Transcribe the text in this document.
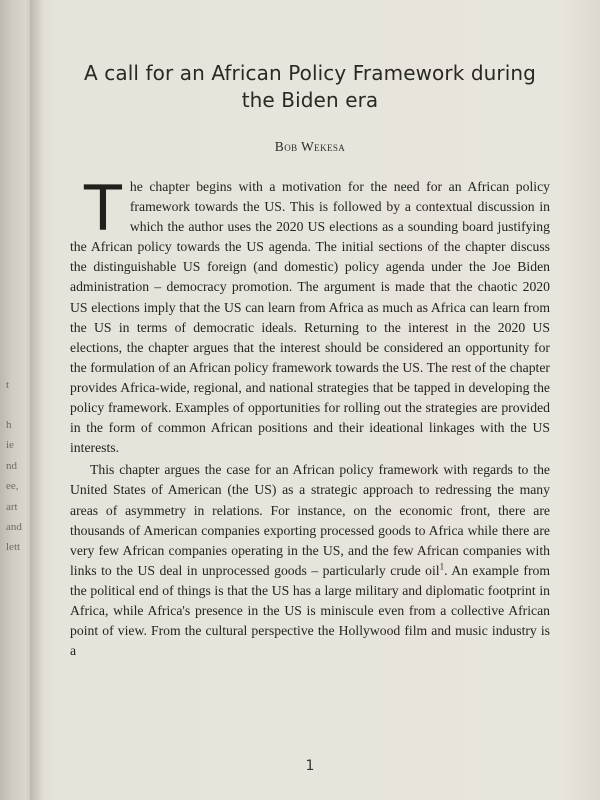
t
h
ie
nd
ee,
art
and
lett
A call for an African Policy Framework during the Biden era
Bob Wekesa

The chapter begins with a motivation for the need for an African policy framework towards the US. This is followed by a contextual discussion in which the author uses the 2020 US elections as a sounding board justifying the African policy towards the US agenda. The initial sections of the chapter discuss the distinguishable US foreign (and domestic) policy agenda under the Joe Biden administration – democracy promotion. The argument is made that the chaotic 2020 US elections imply that the US can learn from Africa as much as Africa can learn from the US in terms of democratic ideals. Returning to the interest in the 2020 US elections, the chapter argues that the interest should be considered an opportunity for the formulation of an African policy framework towards the US. The rest of the chapter provides Africa-wide, regional, and national strategies that be tapped in developing the policy framework. Examples of opportunities for rolling out the strategies are provided in the form of common African positions and their ideational linkages with the US interests.

This chapter argues the case for an African policy framework with regards to the United States of American (the US) as a strategic approach to redressing the many areas of asymmetry in relations. For instance, on the economic front, there are thousands of American companies exporting processed goods to Africa while there are very few African companies operating in the US, and the few African companies with links to the US deal in unprocessed goods – particularly crude oil$^1$. An example from the political end of things is that the US has a large military and diplomatic footprint in Africa, while Africa's presence in the US is miniscule even from a collective African point of view. From the cultural perspective the Hollywood film and music industry is a

1
